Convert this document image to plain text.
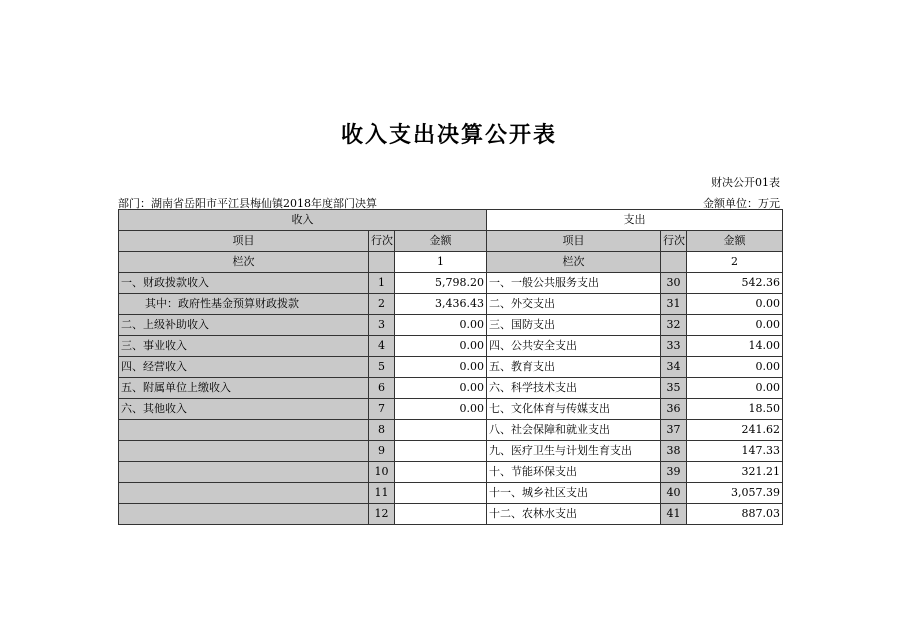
收入支出决算公开表
财决公开01表
部门：湖南省岳阳市平江县梅仙镇2018年度部门决算	金额单位：万元
收入			支出		
项目	行次	金额	项目	行次	金额
栏次		1	栏次		2
一、财政拨款收入	1	5,798.20	一、一般公共服务支出	30	542.36
其中：政府性基金预算财政拨款	2	3,436.43	二、外交支出	31	0.00
二、上级补助收入	3	0.00	三、国防支出	32	0.00
三、事业收入	4	0.00	四、公共安全支出	33	14.00
四、经营收入	5	0.00	五、教育支出	34	0.00
五、附属单位上缴收入	6	0.00	六、科学技术支出	35	0.00
六、其他收入	7	0.00	七、文化体育与传媒支出	36	18.50
	8		八、社会保障和就业支出	37	241.62
	9		九、医疗卫生与计划生育支出	38	147.33
	10		十、节能环保支出	39	321.21
	11		十一、城乡社区支出	40	3,057.39
	12		十二、农林水支出	41	887.03
